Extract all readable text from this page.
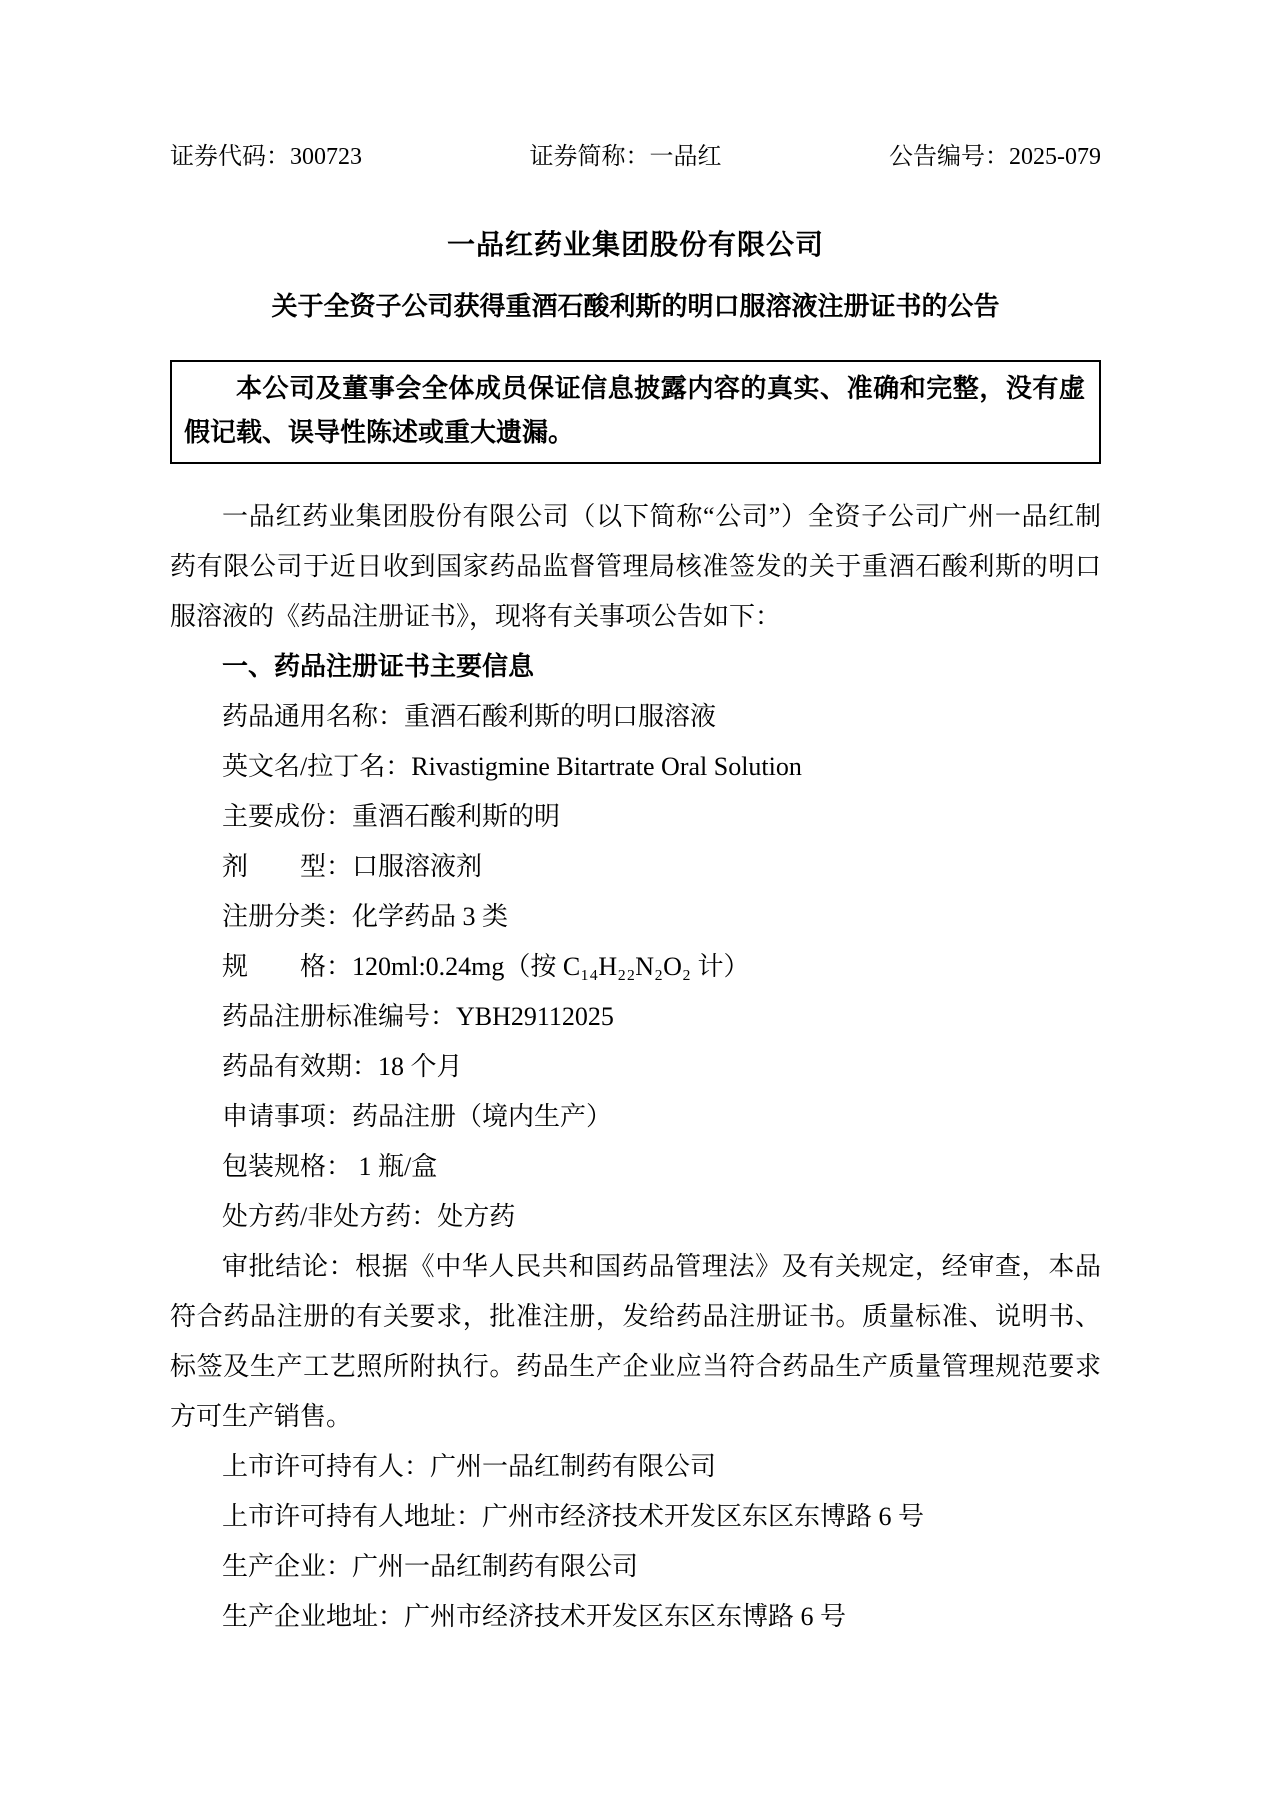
证券代码：300723	证券简称：一品红	公告编号：2025-079
一品红药业集团股份有限公司
关于全资子公司获得重酒石酸利斯的明口服溶液注册证书的公告

本公司及董事会全体成员保证信息披露内容的真实、准确和完整，没有虚假记载、误导性陈述或重大遗漏。

一品红药业集团股份有限公司（以下简称“公司”）全资子公司广州一品红制药有限公司于近日收到国家药品监督管理局核准签发的关于重酒石酸利斯的明口服溶液的《药品注册证书》，现将有关事项公告如下：

一、药品注册证书主要信息

药品通用名称：重酒石酸利斯的明口服溶液

英文名/拉丁名：Rivastigmine Bitartrate Oral Solution

主要成份：重酒石酸利斯的明

剂　　型：口服溶液剂

注册分类：化学药品 3 类

规　　格：120ml:0.24mg（按 C₁₄H₂₂N₂O₂ 计）

药品注册标准编号：YBH29112025

药品有效期：18 个月

申请事项：药品注册（境内生产）

包装规格： 1 瓶/盒

处方药/非处方药：处方药

审批结论：根据《中华人民共和国药品管理法》及有关规定，经审查，本品符合药品注册的有关要求，批准注册，发给药品注册证书。质量标准、说明书、标签及生产工艺照所附执行。药品生产企业应当符合药品生产质量管理规范要求方可生产销售。

上市许可持有人：广州一品红制药有限公司

上市许可持有人地址：广州市经济技术开发区东区东博路 6 号

生产企业：广州一品红制药有限公司

生产企业地址：广州市经济技术开发区东区东博路 6 号
